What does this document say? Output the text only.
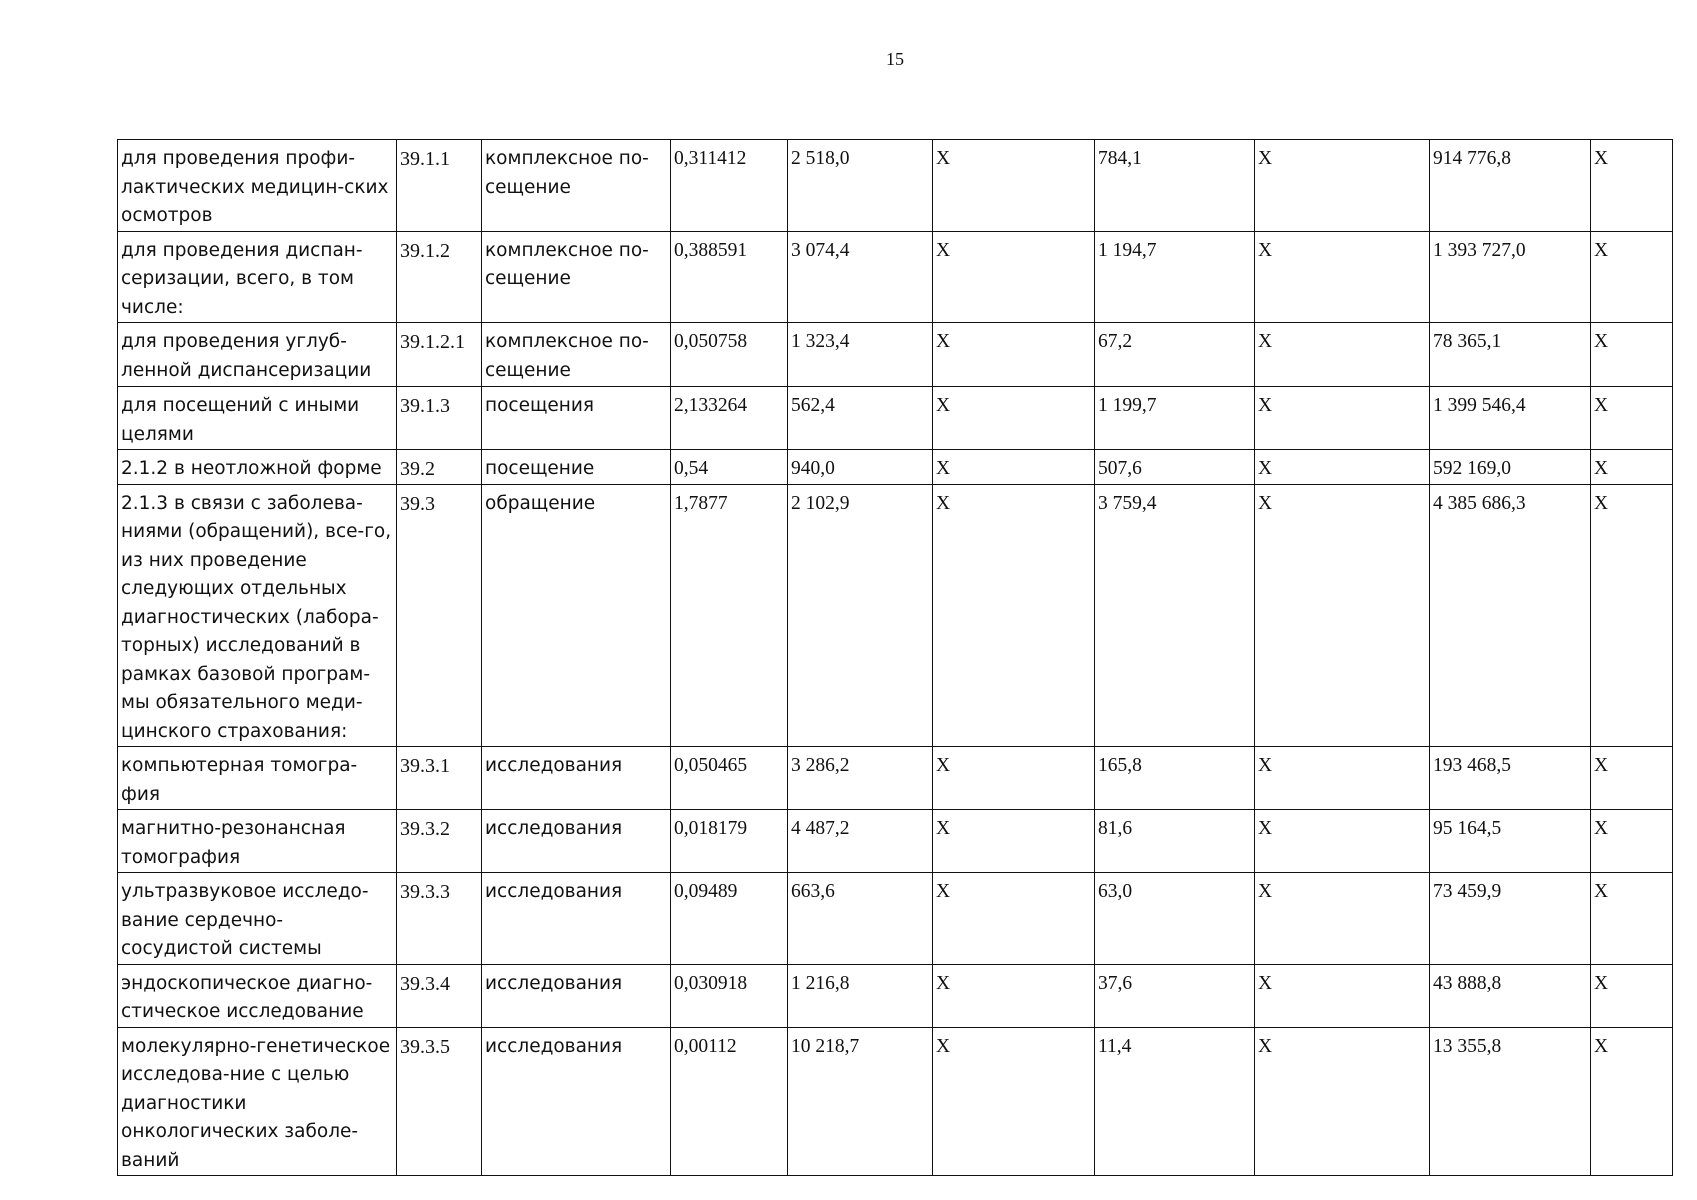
15
для проведения профи-лактических медицин-ских осмотров	39.1.1	комплексное по-сещение	0,311412	2 518,0	X	784,1	X	914 776,8	X
для проведения диспан-серизации, всего, в том числе:	39.1.2	комплексное по-сещение	0,388591	3 074,4	X	1 194,7	X	1 393 727,0	X
для проведения углуб-ленной диспансеризации	39.1.2.1	комплексное по-сещение	0,050758	1 323,4	X	67,2	X	78 365,1	X
для посещений с иными целями	39.1.3	посещения	2,133264	562,4	X	1 199,7	X	1 399 546,4	X
2.1.2 в неотложной форме	39.2	посещение	0,54	940,0	X	507,6	X	592 169,0	X
2.1.3 в связи с заболева-ниями (обращений), все-го, из них проведение следующих отдельных диагностических (лабора-торных) исследований в рамках базовой програм-мы обязательного меди-цинского страхования:	39.3	обращение	1,7877	2 102,9	X	3 759,4	X	4 385 686,3	X
компьютерная томогра-фия	39.3.1	исследования	0,050465	3 286,2	X	165,8	X	193 468,5	X
магнитно-резонансная томография	39.3.2	исследования	0,018179	4 487,2	X	81,6	X	95 164,5	X
ультразвуковое исследо-вание сердечно-сосудистой системы	39.3.3	исследования	0,09489	663,6	X	63,0	X	73 459,9	X
эндоскопическое диагно-стическое исследование	39.3.4	исследования	0,030918	1 216,8	X	37,6	X	43 888,8	X
молекулярно-генетическое исследова-ние с целью диагностики онкологических заболе-ваний	39.3.5	исследования	0,00112	10 218,7	X	11,4	X	13 355,8	X
